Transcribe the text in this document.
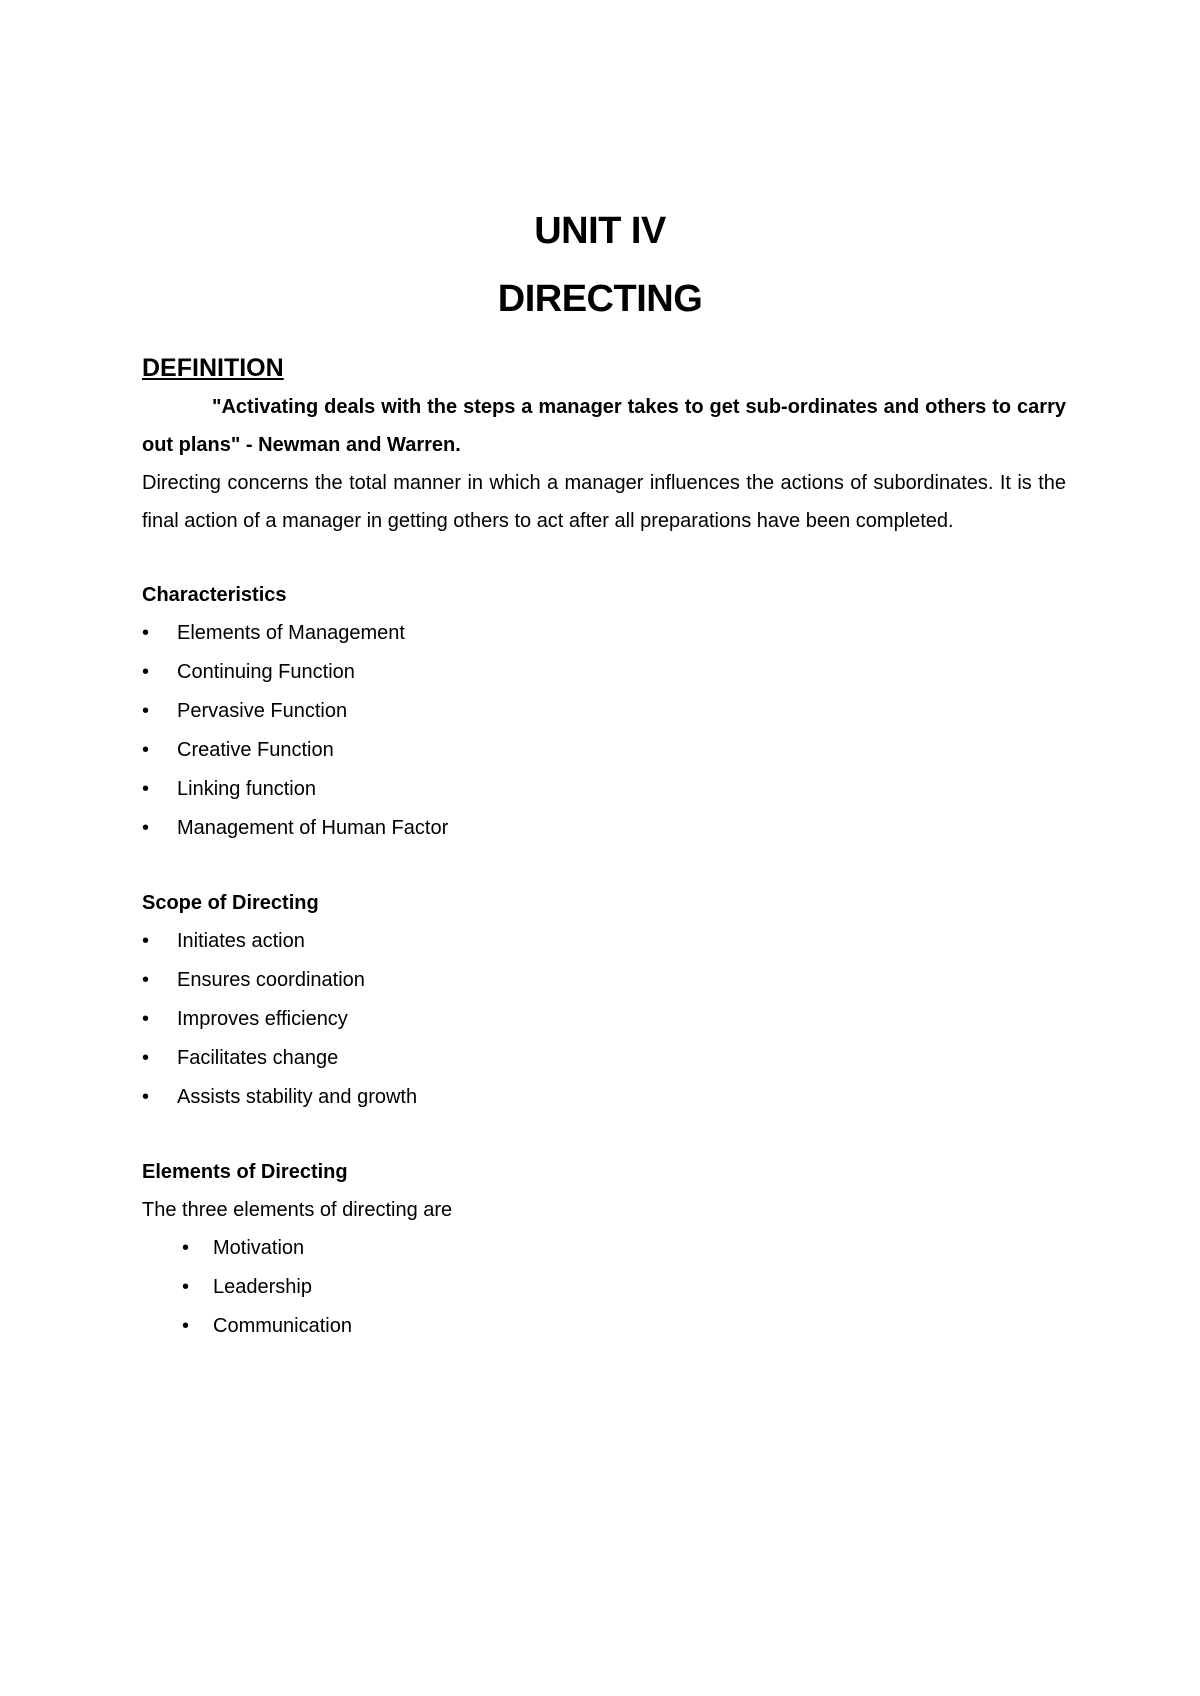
UNIT IV
DIRECTING
DEFINITION

"Activating deals with the steps a manager takes to get sub-ordinates and others to carry out plans" - Newman and Warren.

Directing concerns the total manner in which a manager influences the actions of subordinates. It is the final action of a manager in getting others to act after all preparations have been completed.

Characteristics
• Elements of Management
• Continuing Function
• Pervasive Function
• Creative Function
• Linking function
• Management of Human Factor
Scope of Directing
• Initiates action
• Ensures coordination
• Improves efficiency
• Facilitates change
• Assists stability and growth
Elements of Directing

The three elements of directing are

• Motivation
• Leadership
• Communication
